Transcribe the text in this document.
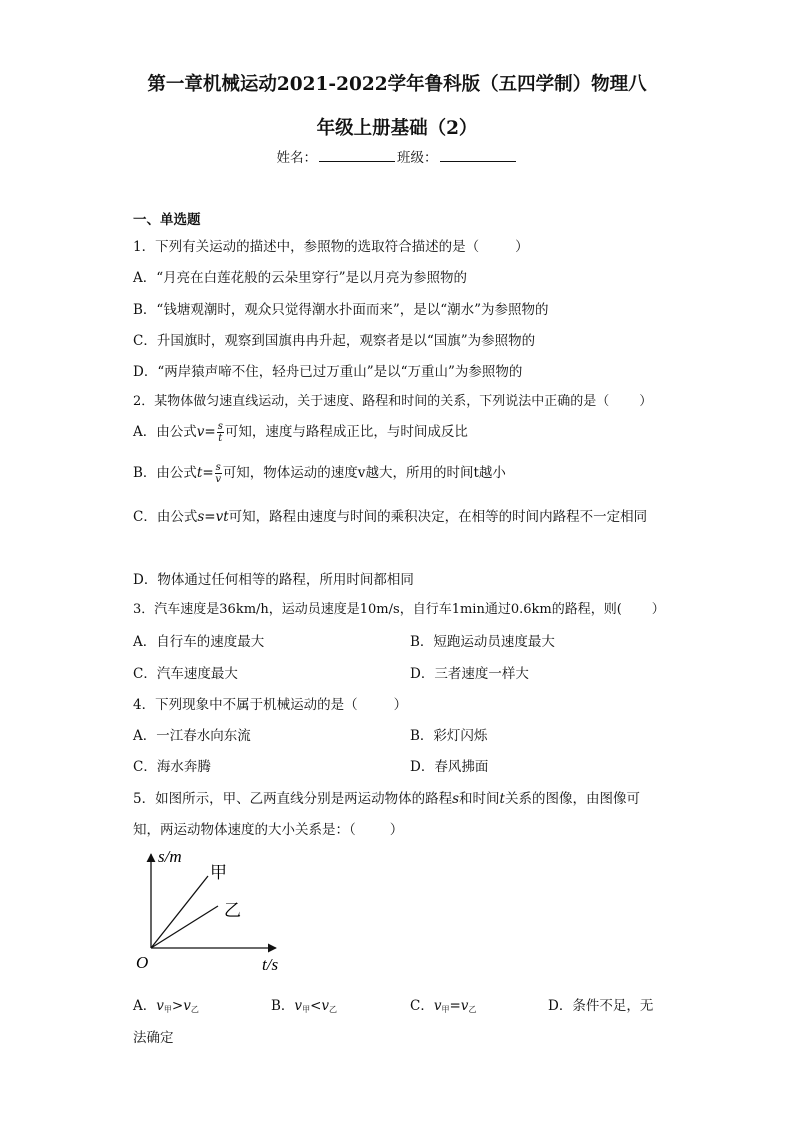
第一章机械运动2021-2022学年鲁科版（五四学制）物理八
年级上册基础（2）
姓名：	班级：
一、单选题
1．下列有关运动的描述中，参照物的选取符合描述的是（	）
A．“月亮在白莲花般的云朵里穿行”是以月亮为参照物的
B．“钱塘观潮时，观众只觉得潮水扑面而来”，是以“潮水”为参照物的
C．升国旗时，观察到国旗冉冉升起，观察者是以“国旗”为参照物的
D．“两岸猿声啼不住，轻舟已过万重山”是以“万重山”为参照物的
2．某物体做匀速直线运动，关于速度、路程和时间的关系，下列说法中正确的是（ ）
A．由公式$v= \frac{s}{t}$ 可知，速度与路程成正比，与时间成反比
B．由公式$t= \frac{s}{v}$ 可知，物体运动的速度v越大，所用的时间t越小
C．由公式s=vt可知，路程由速度与时间的乘积决定，在相等的时间内路程不一定相同
D．物体通过任何相等的路程，所用时间都相同
3．汽车速度是36km/h，运动员速度是10m/s，自行车1min通过0.6km的路程，则( ）
A．自行车的速度最大	B．短跑运动员速度最大
C．汽车速度最大	D．三者速度一样大
4．下列现象中不属于机械运动的是（	）
A．一江春水向东流	B．彩灯闪烁
C．海水奔腾	D．春风拂面
5．如图所示，甲、乙两直线分别是两运动物体的路程s和时间t关系的图像，由图像可
知，两运动物体速度的大小关系是：（	）
s/m
t/s
O
甲
乙
A．$v_甲>v_乙$	B．$v_甲<v_乙$	C．$v_甲=v_乙$	D．条件不足，无
法确定
